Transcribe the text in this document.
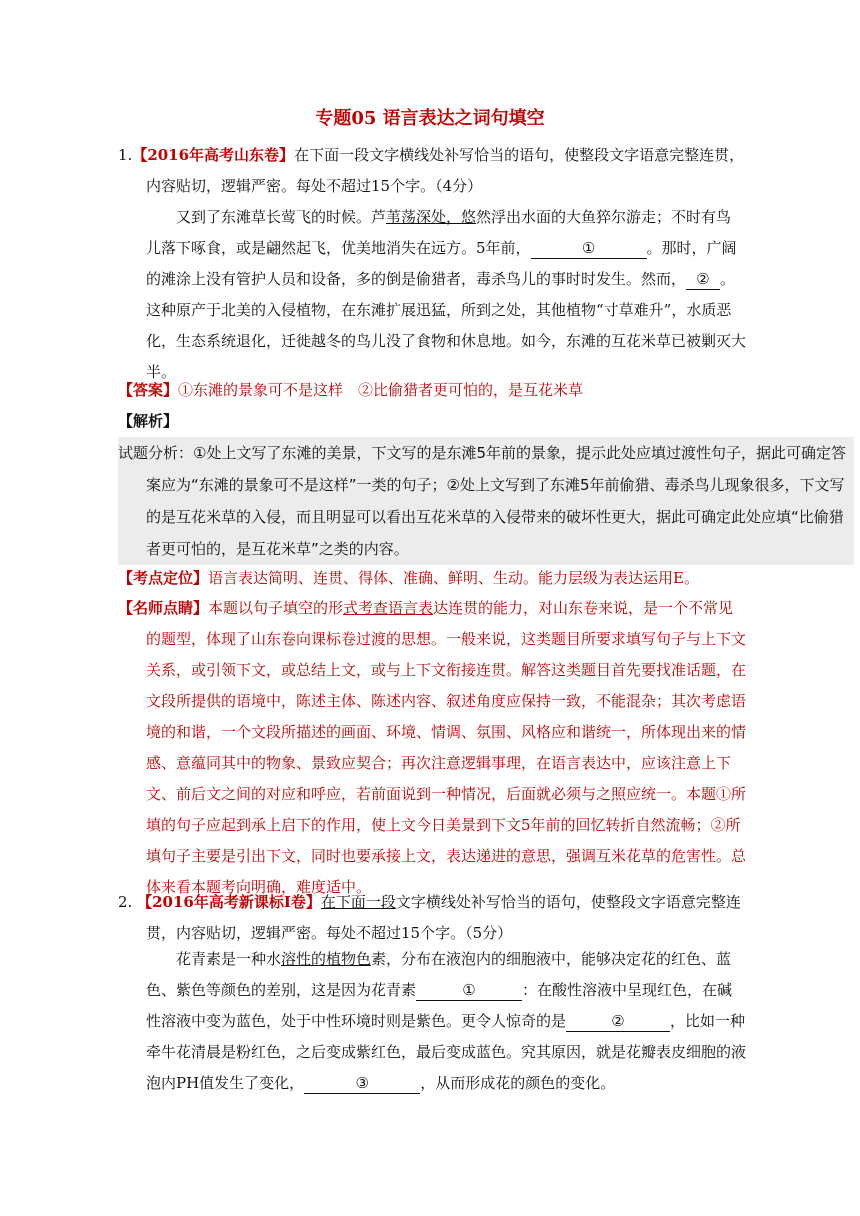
专题05 语言表达之词句填空
1.【2016年高考山东卷】在下面一段文字横线处补写恰当的语句，使整段文字语意完整连贯，内容贴切，逻辑严密。每处不超过15个字。（4分）
又到了东滩草长莺飞的时候。芦苇荡深处，悠然浮出水面的大鱼猝尔游走；不时有鸟儿落下啄食，或是翩然起飞，优美地消失在远方。5年前，	①	。那时，广阔的滩涂上没有管护人员和设备，多的倒是偷猎者，毒杀鸟儿的事时时发生。然而， ② 。这种原产于北美的入侵植物，在东滩扩展迅猛，所到之处，其他植物“寸草难升”，水质恶化，生态系统退化，迁徙越冬的鸟儿没了食物和休息地。如今，东滩的互花米草已被剿灭大半。
【答案】①东滩的景象可不是这样　②比偷猎者更可怕的，是互花米草
【解析】
试题分析：①处上文写了东滩的美景，下文写的是东滩5年前的景象，提示此处应填过渡性句子，据此可确定答案应为“东滩的景象可不是这样”一类的句子；②处上文写到了东滩5年前偷猎、毒杀鸟儿现象很多，下文写的是互花米草的入侵，而且明显可以看出互花米草的入侵带来的破坏性更大，据此可确定此处应填“比偷猎者更可怕的，是互花米草”之类的内容。
【考点定位】语言表达简明、连贯、得体、准确、鲜明、生动。能力层级为表达运用E。
【名师点睛】本题以句子填空的形式考查语言表达连贯的能力，对山东卷来说，是一个不常见的题型，体现了山东卷向课标卷过渡的思想。一般来说，这类题目所要求填写句子与上下文关系，或引领下文，或总结上文，或与上下文衔接连贯。解答这类题目首先要找准话题，在文段所提供的语境中，陈述主体、陈述内容、叙述角度应保持一致，不能混杂；其次考虑语境的和谐，一个文段所描述的画面、环境、情调、氛围、风格应和谐统一，所体现出来的情感、意蕴同其中的物象、景致应契合；再次注意逻辑事理，在语言表达中，应该注意上下文、前后文之间的对应和呼应，若前面说到一种情况，后面就必须与之照应统一。本题①所填的句子应起到承上启下的作用，使上文今日美景到下文5年前的回忆转折自然流畅；②所填句子主要是引出下文，同时也要承接上文，表达递进的意思，强调互米花草的危害性。总体来看本题考向明确，难度适中。
2. 【2016年高考新课标Ⅰ卷】在下面一段文字横线处补写恰当的语句，使整段文字语意完整连贯，内容贴切，逻辑严密。每处不超过15个字。（5分）
花青素是一种水溶性的植物色素，分布在液泡内的细胞液中，能够决定花的红色、蓝色、紫色等颜色的差别，这是因为花青素	①	：在酸性溶液中呈现红色，在碱性溶液中变为蓝色，处于中性环境时则是紫色。更令人惊奇的是	②	，比如一种牵牛花清晨是粉红色，之后变成紫红色，最后变成蓝色。究其原因，就是花瓣表皮细胞的液泡内PH值发生了变化，	③	，从而形成花的颜色的变化。
